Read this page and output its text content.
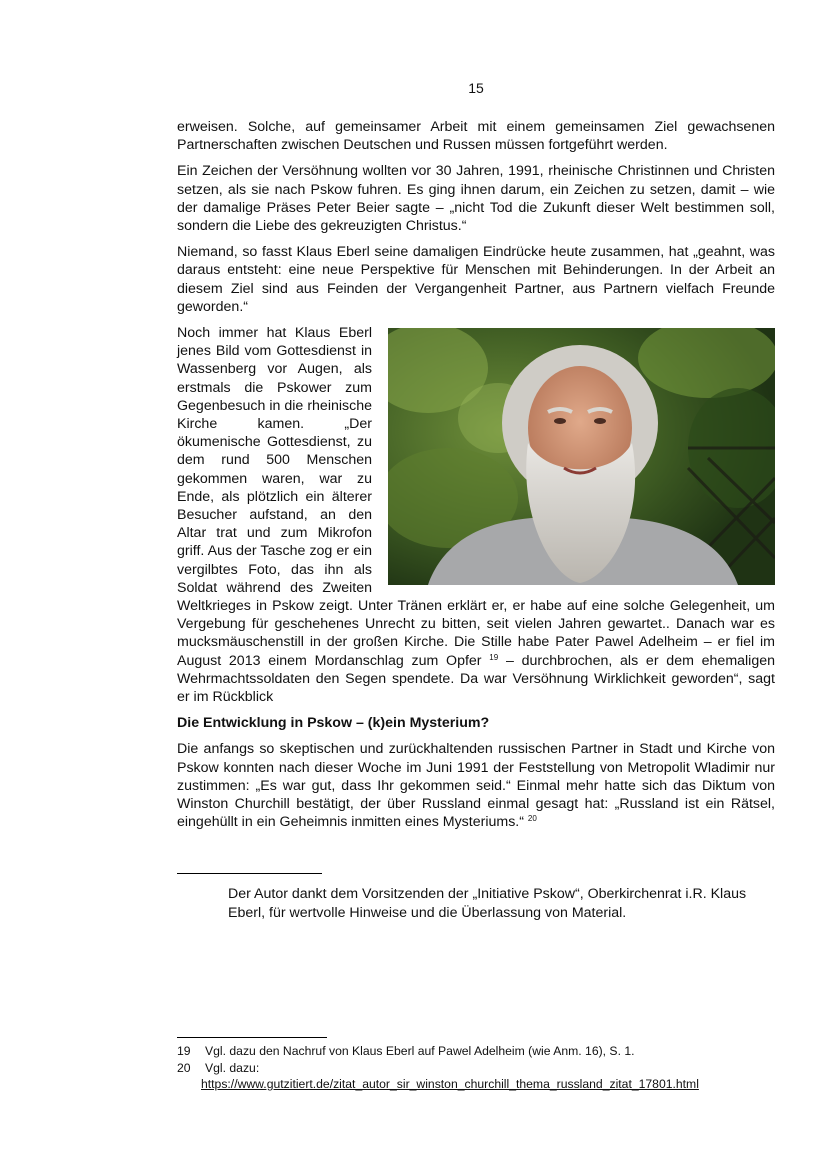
15

erweisen. Solche, auf gemeinsamer Arbeit mit einem gemeinsamen Ziel gewachsenen Partnerschaften zwischen Deutschen und Russen müssen fortgeführt werden.

Ein Zeichen der Versöhnung wollten vor 30 Jahren, 1991, rheinische Christinnen und Christen setzen, als sie nach Pskow fuhren. Es ging ihnen darum, ein Zeichen zu setzen, damit – wie der damalige Präses Peter Beier sagte – „nicht Tod die Zukunft dieser Welt bestimmen soll, sondern die Liebe des gekreuzigten Christus.“

Niemand, so fasst Klaus Eberl seine damaligen Eindrücke heute zusammen, hat „geahnt, was daraus entsteht: eine neue Perspektive für Menschen mit Behinderungen. In der Arbeit an diesem Ziel sind aus Feinden der Vergangenheit Partner, aus Partnern vielfach Freunde geworden.“

Noch immer hat Klaus Eberl jenes Bild vom Gottesdienst in Wassenberg vor Augen, als erstmals die Pskower zum Gegenbesuch in die rheinische Kirche kamen. „Der ökumenische Gottesdienst, zu dem rund 500 Menschen gekommen waren, war zu Ende, als plötzlich ein älterer Besucher aufstand, an den Altar trat und zum Mikrofon griff. Aus der Tasche zog er ein vergilbtes Foto, das ihn als Soldat während des Zweiten Weltkrieges in Pskow zeigt. Unter Tränen erklärt er, er habe auf eine solche Gelegenheit, um Vergebung für geschehenes Unrecht zu bitten, seit vielen Jahren gewartet.. Danach war es mucksmäuschenstill in der großen Kirche. Die Stille habe Pater Pawel Adelheim – er fiel im August 2013 einem Mordanschlag zum Opfer $^{19}$ – durchbrochen, als er dem ehemaligen Wehrmachtssoldaten den Segen spendete. Da war Versöhnung Wirklichkeit geworden“, sagt er im Rückblick

Die Entwicklung in Pskow – (k)ein Mysterium?

Die anfangs so skeptischen und zurückhaltenden russischen Partner in Stadt und Kirche von Pskow konnten nach dieser Woche im Juni 1991 der Feststellung von Metropolit Wladimir nur zustimmen: „Es war gut, dass Ihr gekommen seid.“ Einmal mehr hatte sich das Diktum von Winston Churchill bestätigt, der über Russland einmal gesagt hat: „Russland ist ein Rätsel, eingehüllt in ein Geheimnis inmitten eines Mysteriums.“ $^{20}$

Der Autor dankt dem Vorsitzenden der „Initiative Pskow“, Oberkirchenrat i.R. Klaus Eberl, für wertvolle Hinweise und die Überlassung von Material.
19 Vgl. dazu den Nachruf von Klaus Eberl auf Pawel Adelheim (wie Anm. 16), S. 1.
20 Vgl. dazu:
https://www.gutzitiert.de/zitat_autor_sir_winston_churchill_thema_russland_zitat_17801.html
